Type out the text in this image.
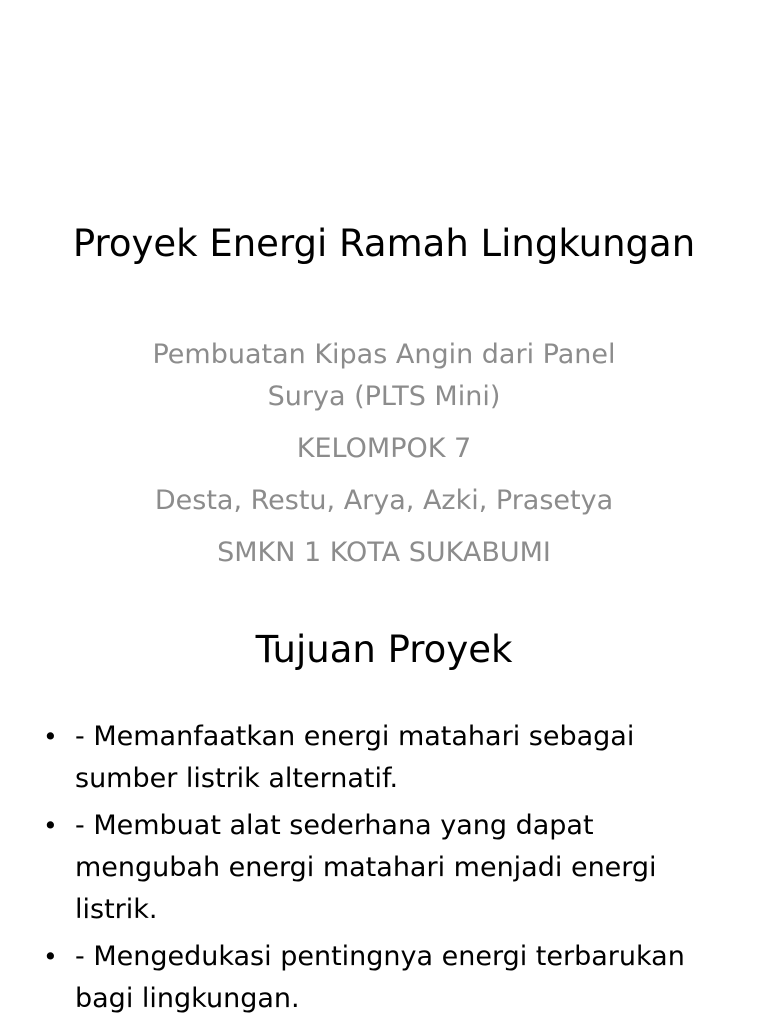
Proyek Energi Ramah Lingkungan

Pembuatan Kipas Angin dari Panel Surya (PLTS Mini)

KELOMPOK 7

Desta, Restu, Arya, Azki, Prasetya

SMKN 1 KOTA SUKABUMI

Tujuan Proyek
• - Memanfaatkan energi matahari sebagai sumber listrik alternatif.
• - Membuat alat sederhana yang dapat mengubah energi matahari menjadi energi listrik.
• - Mengedukasi pentingnya energi terbarukan bagi lingkungan.
